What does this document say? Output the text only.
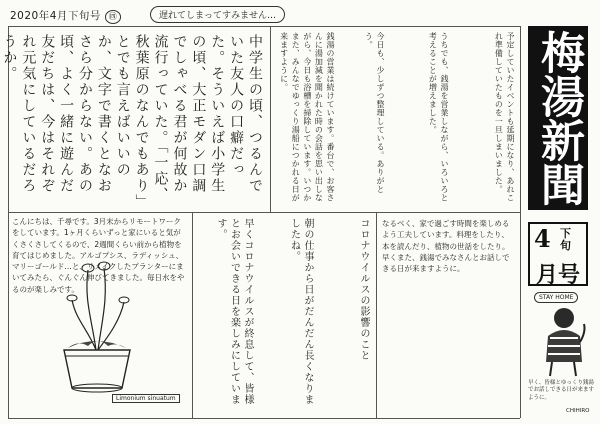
2020年4月下旬号 ㊃	遅れてしまってすみません…
中学生の頃、つるんでいた友人の口癖だった。そういえば小学生の頃、大正モダン口調でしゃべる君が何故か流行っていた。「一応、秋葉原のなんでもあり」とでも言えばいいのか、文字で書くとなおさら分からない。あの頃、よく一緒に遊んだ友だちは、今はそれぞれ元気にしているだろうか。	銭湯の営業は続けています。番台で、お客さんに湯加減を聞かれた時の会話を思い出しながら、今日も浴槽を掃除しています。いつかまた、みんなでゆっくり湯船につかれる日が来ますように。	今日も、少しずつ整理している。ありがとう。	うちでも、銭湯を営業しながら、いろいろと考えることが増えました。	予定していたイベントも延期になり、あれこれ準備していたものを一旦しまいました。 梅湯新聞
4 下旬
月号
STAY HOME
早く、皆様とゆっくり銭湯でお話しできる日が来ますように。
CHIHIRO
こんにちは、千尋です。3月末からリモートワークをしています。1ヶ月くらいずっと家にいると気がくさくさしてくるので、2週間くらい前から植物を育てはじめました。アルゴプシス、ラディッシュ、マリーゴールド…と、リメイクしたプランターにまいてみたら、ぐんぐん伸びてきました。毎日水をやるのが楽しみです。
Limonium sinuatum	早くコロナウイルスが終息して、皆様とお会いできる日を楽しみにしています。	朝の仕事から日がだんだん長くなりましたね。	コロナウイルスの影響のこと なるべく、家で過ごす時間を楽しめるよう工夫しています。料理をしたり、本を読んだり、植物の世話をしたり。早くまた、銭湯でみなさんとお話しできる日が来ますように。
